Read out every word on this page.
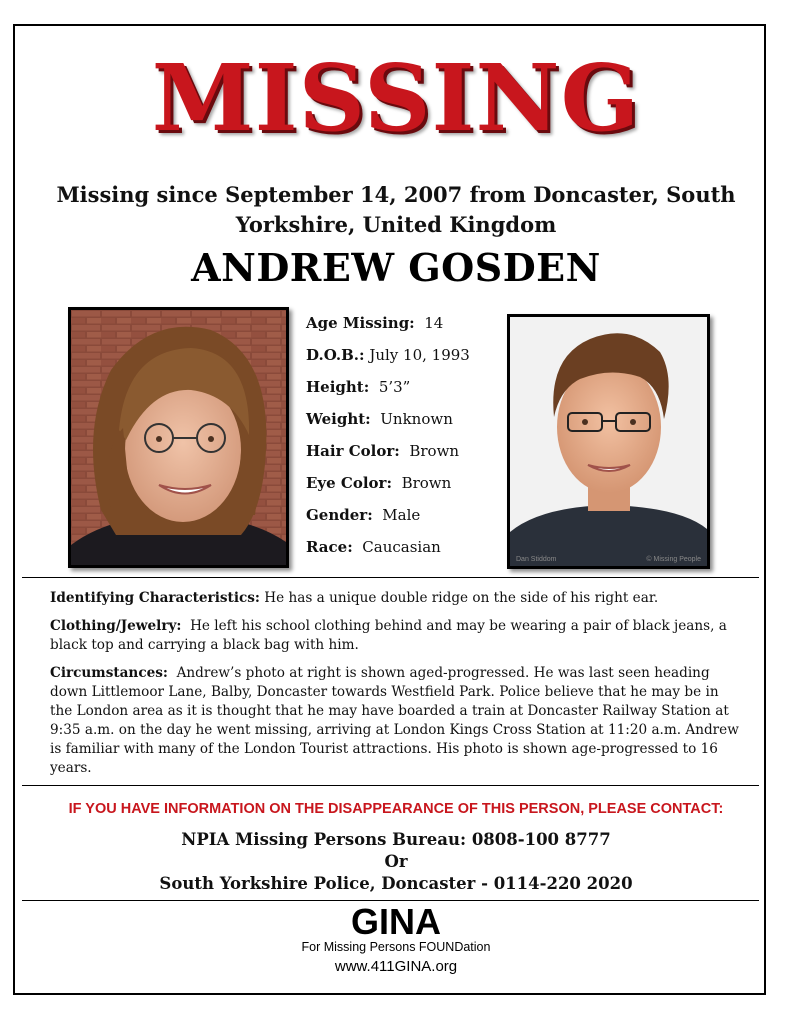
MISSING
Missing since September 14, 2007 from Doncaster, South Yorkshire, United Kingdom
ANDREW GOSDEN
Age Missing: 14
D.O.B.: July 10, 1993
Height: 5’3”
Weight: Unknown
Hair Color: Brown
Eye Color: Brown
Gender: Male
Race: Caucasian
Dan Stiddom	© Missing People

Identifying Characteristics: He has a unique double ridge on the side of his right ear.

Clothing/Jewelry: He left his school clothing behind and may be wearing a pair of black jeans, a black top and carrying a black bag with him.

Circumstances: Andrew’s photo at right is shown aged-progressed. He was last seen heading down Littlemoor Lane, Balby, Doncaster towards Westfield Park. Police believe that he may be in the London area as it is thought that he may have boarded a train at Doncaster Railway Station at 9:35 a.m. on the day he went missing, arriving at London Kings Cross Station at 11:20 a.m. Andrew is familiar with many of the London Tourist attractions. His photo is shown age-progressed to 16 years.

IF YOU HAVE INFORMATION ON THE DISAPPEARANCE OF THIS PERSON, PLEASE CONTACT:
NPIA Missing Persons Bureau: 0808-100 8777
Or
South Yorkshire Police, Doncaster - 0114-220 2020
GINA
For Missing Persons FOUNDation
www.411GINA.org
